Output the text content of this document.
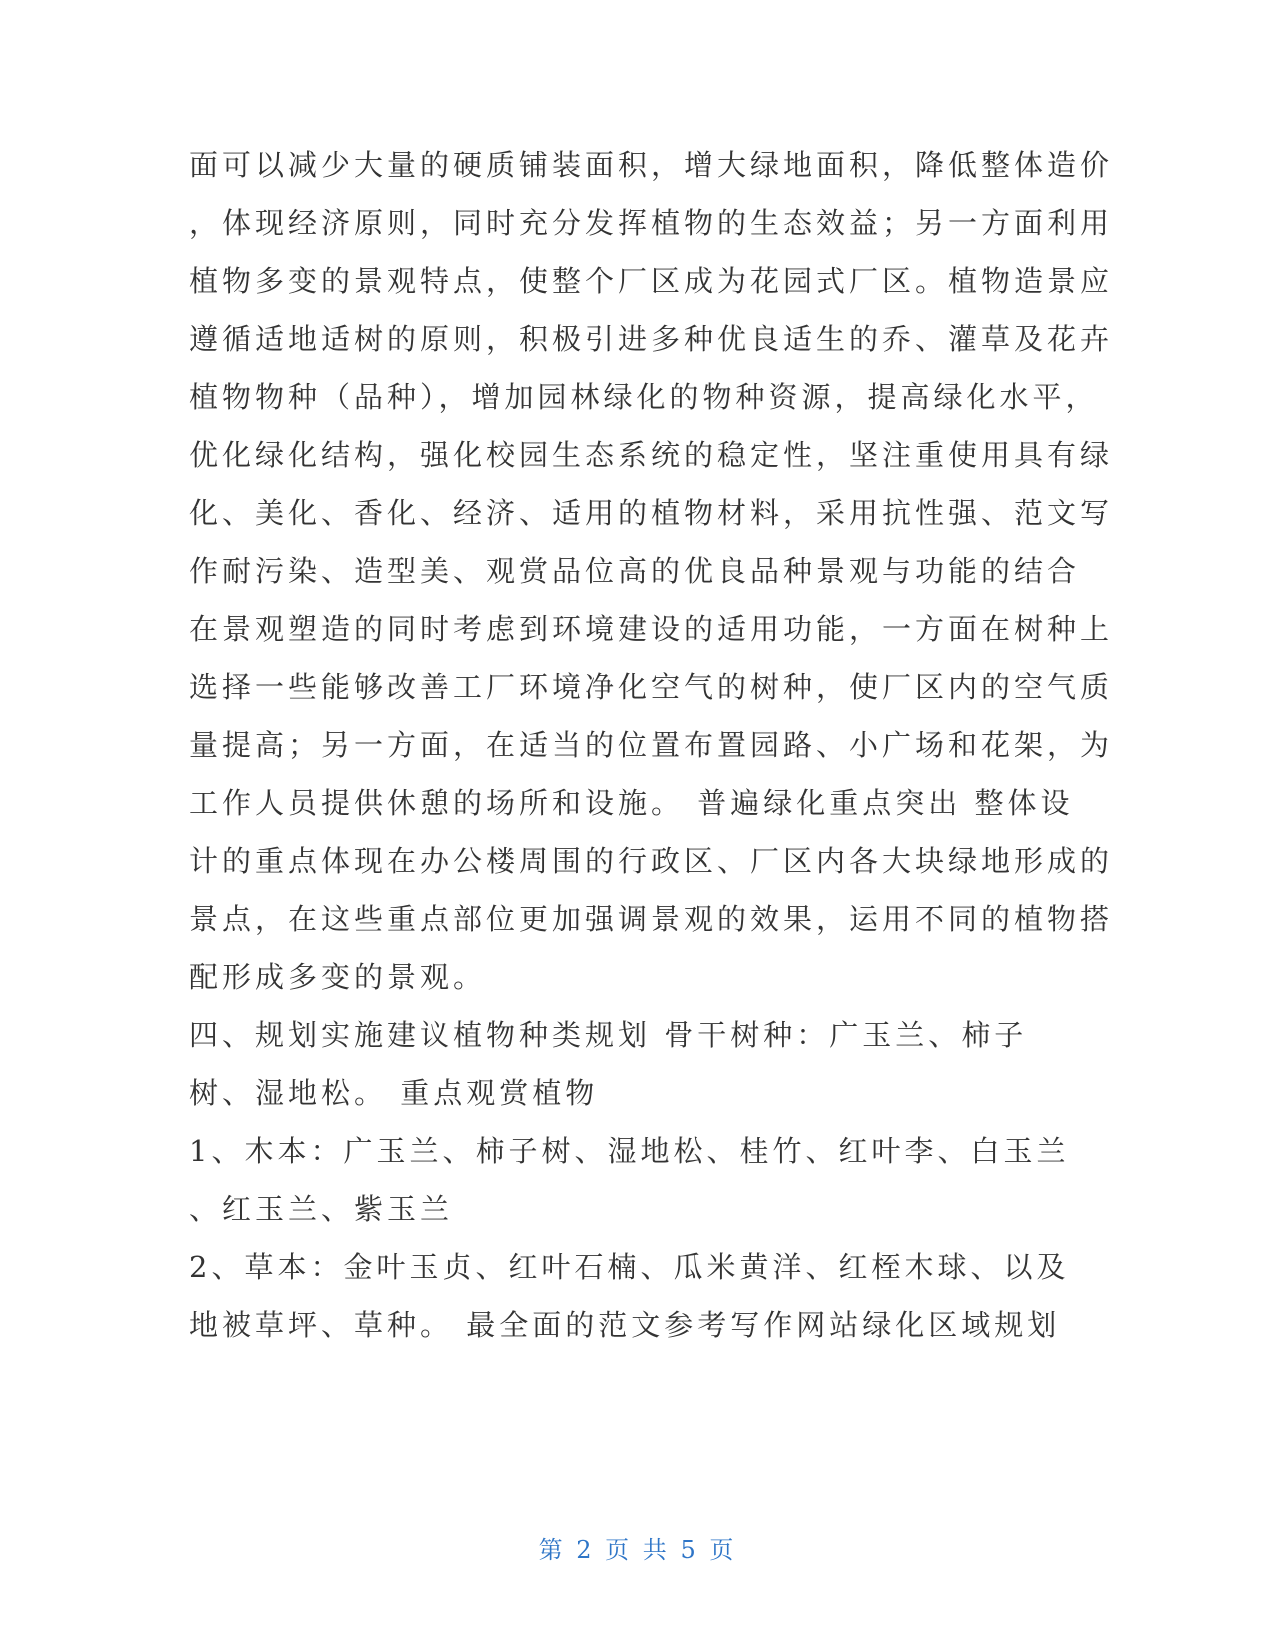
面可以减少大量的硬质铺装面积，增大绿地面积，降低整体造价
，体现经济原则，同时充分发挥植物的生态效益；另一方面利用
植物多变的景观特点，使整个厂区成为花园式厂区。植物造景应
遵循适地适树的原则，积极引进多种优良适生的乔、灌草及花卉
植物物种（品种），增加园林绿化的物种资源，提高绿化水平，
优化绿化结构，强化校园生态系统的稳定性，坚注重使用具有绿
化、美化、香化、经济、适用的植物材料，采用抗性强、范文写
作耐污染、造型美、观赏品位高的优良品种景观与功能的结合
在景观塑造的同时考虑到环境建设的适用功能，一方面在树种上
选择一些能够改善工厂环境净化空气的树种，使厂区内的空气质
量提高；另一方面，在适当的位置布置园路、小广场和花架，为
工作人员提供休憩的场所和设施。 普遍绿化重点突出 整体设
计的重点体现在办公楼周围的行政区、厂区内各大块绿地形成的
景点，在这些重点部位更加强调景观的效果，运用不同的植物搭
配形成多变的景观。
四、规划实施建议植物种类规划 骨干树种：广玉兰、柿子
树、湿地松。 重点观赏植物
1、木本：广玉兰、柿子树、湿地松、桂竹、红叶李、白玉兰
、红玉兰、紫玉兰
2、草本：金叶玉贞、红叶石楠、瓜米黄洋、红桎木球、以及
地被草坪、草种。 最全面的范文参考写作网站绿化区域规划
第 2 页 共 5 页
